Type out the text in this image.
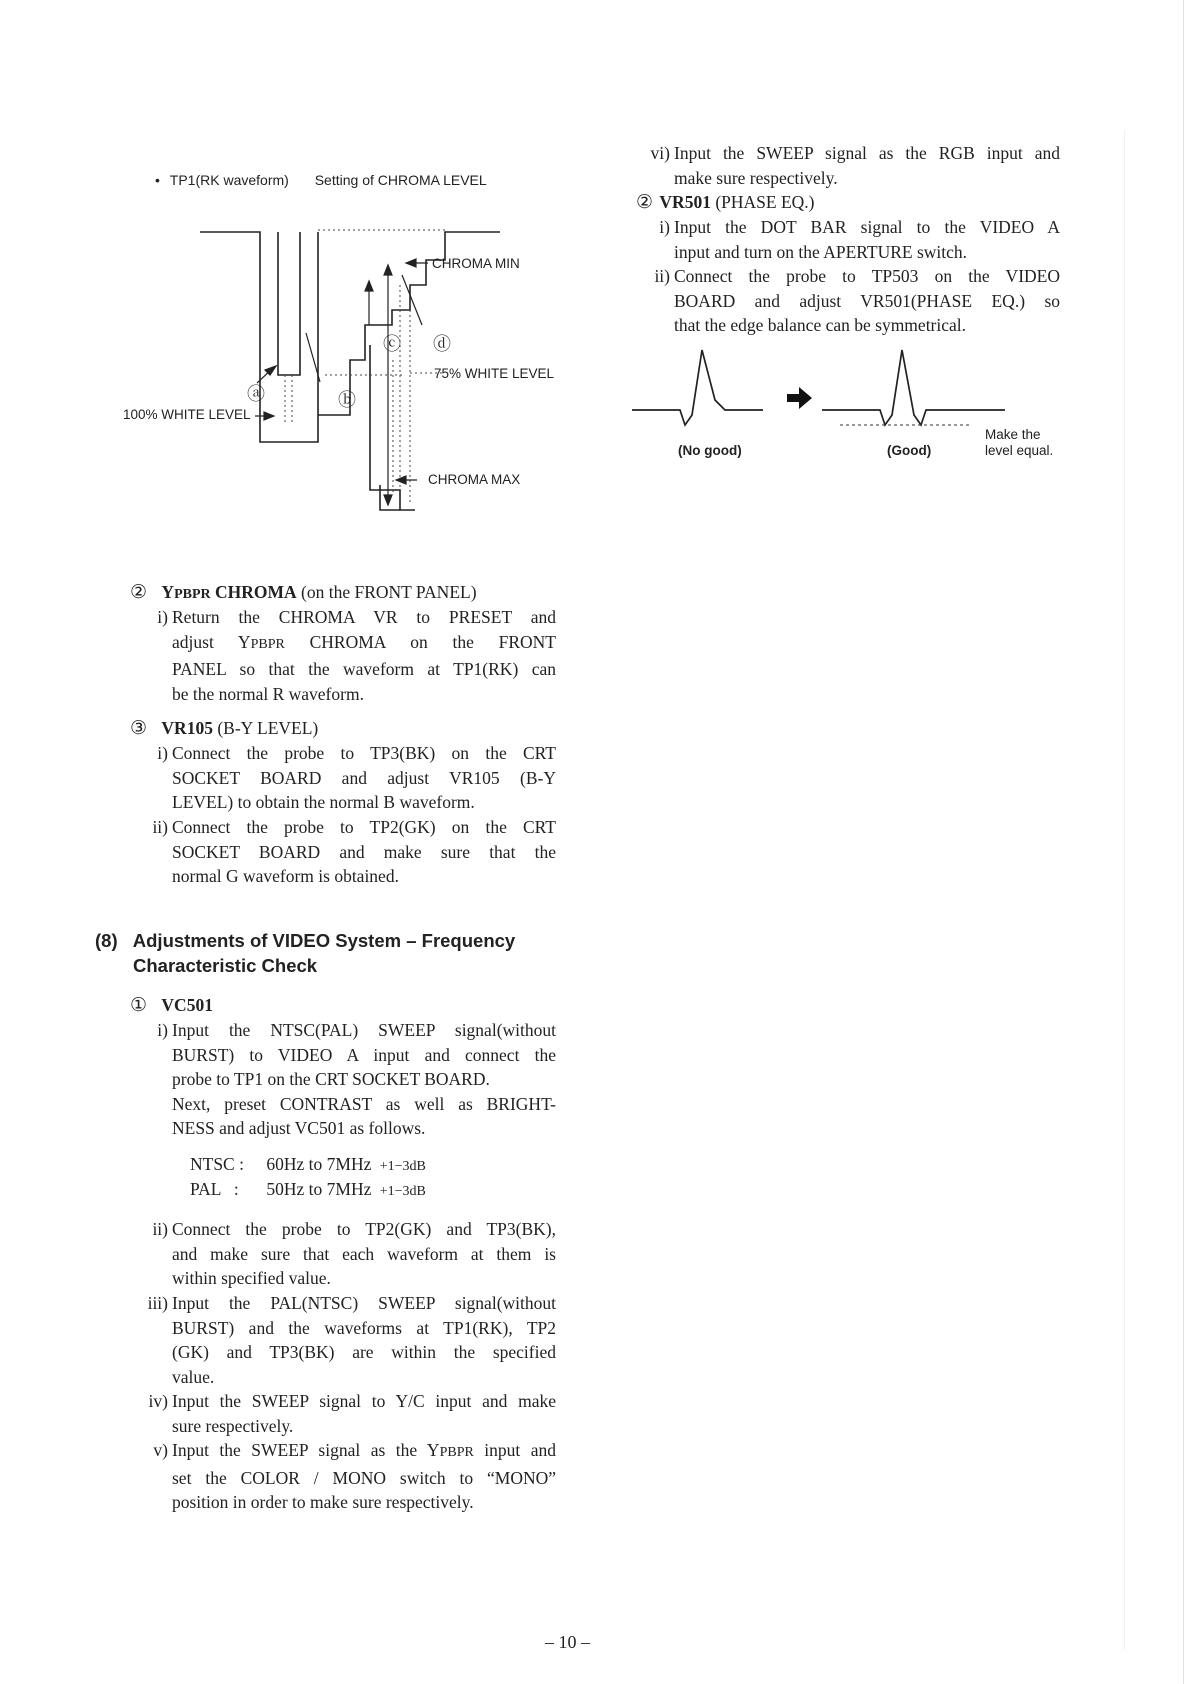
• TP1(RK waveform) Setting of CHROMA LEVEL
CHROMA MIN
75% WHITE LEVEL
100% WHITE LEVEL
CHROMA MAX
ⓐ	ⓑ
ⓒ ⓓ
② YPBPR CHROMA (on the FRONT PANEL)
i) Return the CHROMA VR to PRESET and
adjust YPBPR CHROMA on the FRONT
PANEL so that the waveform at TP1(RK) can
be the normal R waveform.
③ VR105 (B-Y LEVEL)
i) Connect the probe to TP3(BK) on the CRT
SOCKET BOARD and adjust VR105 (B-Y
LEVEL) to obtain the normal B waveform.
ii) Connect the probe to TP2(GK) on the CRT
SOCKET BOARD and make sure that the
normal G waveform is obtained.
(8) Adjustments of VIDEO System – Frequency
Characteristic Check
① VC501
i) Input the NTSC(PAL) SWEEP signal(without
BURST) to VIDEO A input and connect the
probe to TP1 on the CRT SOCKET BOARD.
Next, preset CONTRAST as well as BRIGHT-
NESS and adjust VC501 as follows.
NTSC : 60Hz to 7MHz +1−3dB
PAL   : 50Hz to 7MHz +1−3dB
ii) Connect the probe to TP2(GK) and TP3(BK),
and make sure that each waveform at them is
within specified value.
iii) Input the PAL(NTSC) SWEEP signal(without
BURST) and the waveforms at TP1(RK), TP2
(GK) and TP3(BK) are within the specified
value.
iv) Input the SWEEP signal to Y/C input and make
sure respectively.
v) Input the SWEEP signal as the YPBPR input and
set the COLOR / MONO switch to “MONO”
position in order to make sure respectively.
vi) Input the SWEEP signal as the RGB input and
make sure respectively.
② VR501 (PHASE EQ.)
i) Input the DOT BAR signal to the VIDEO A
input and turn on the APERTURE switch.
ii) Connect the probe to TP503 on the VIDEO
BOARD and adjust VR501(PHASE EQ.) so
that the edge balance can be symmetrical.
(No good)	(Good)
Make the
level equal.
– 10 –
